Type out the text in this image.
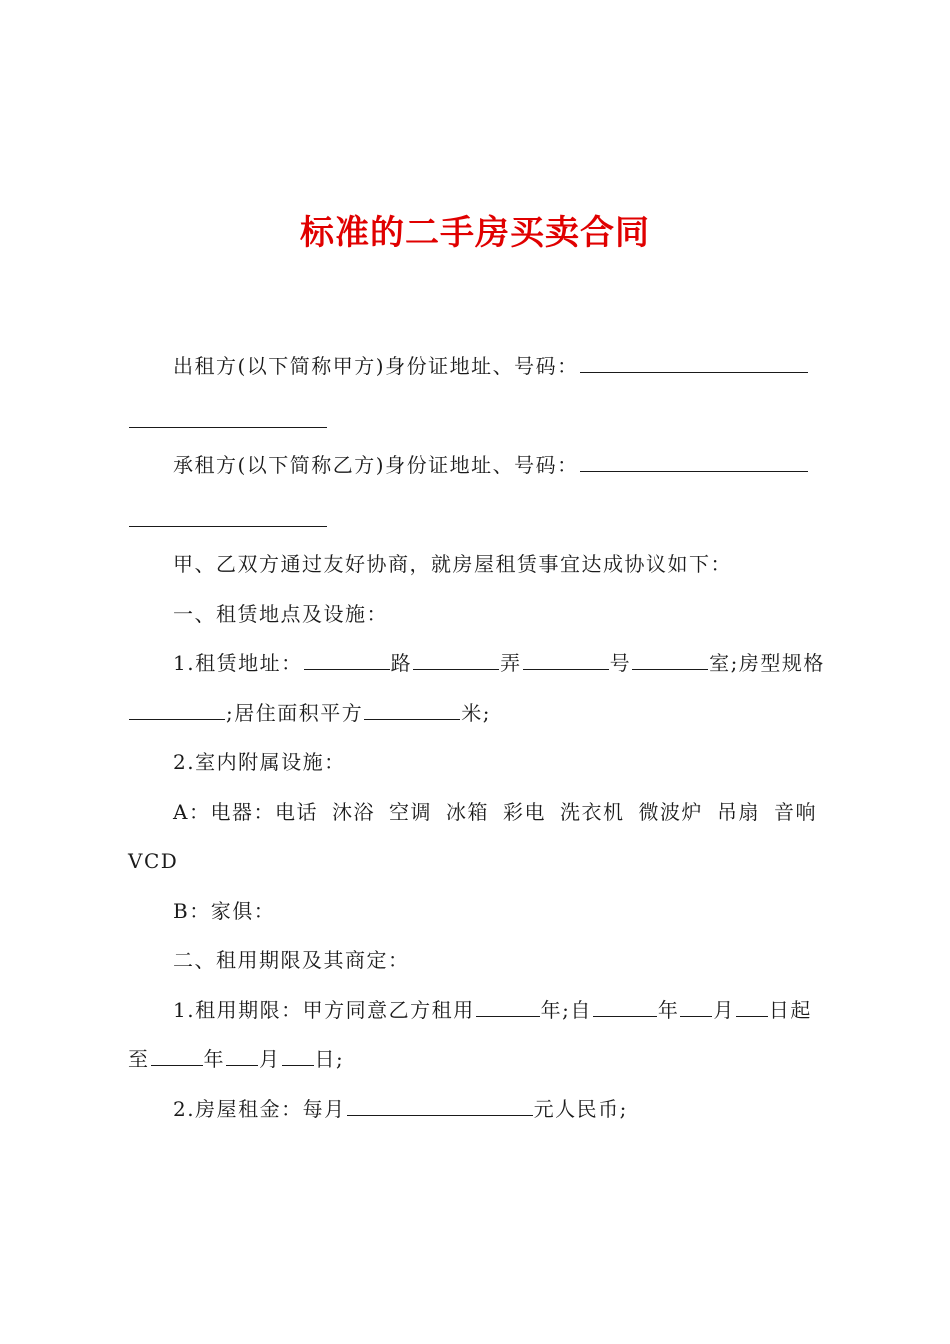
标准的二手房买卖合同

出租方(以下简称甲方)身份证地址、号码：

承租方(以下简称乙方)身份证地址、号码：

甲、乙双方通过友好协商，就房屋租赁事宜达成协议如下：

一、租赁地点及设施：

1.租赁地址：	路	弄	号	室;房型规格;居住面积平方	米;

2.室内附属设施：

A：电器：电话 沐浴 空调 冰箱 彩电 洗衣机 微波炉 吊扇 音响 VCD

B：家俱：

二、租用期限及其商定：

1.租用期限：甲方同意乙方租用	年;自	年 月 日起至	年 月 日;

2.房屋租金：每月	元人民币;
